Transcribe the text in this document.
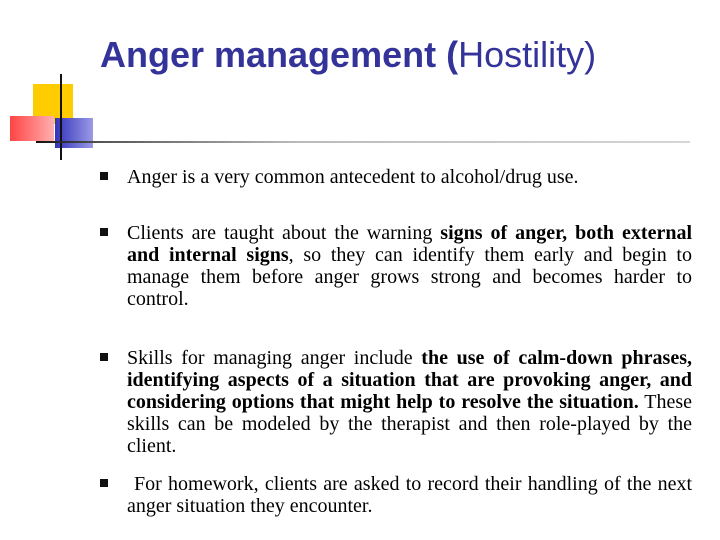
Anger management (Hostility)

Anger is a very common antecedent to alcohol/drug use.

Clients are taught about the warning signs of anger, both external and internal signs, so they can identify them early and begin to manage them before anger grows strong and becomes harder to control.

Skills for managing anger include the use of calm-down phrases, identifying aspects of a situation that are provoking anger, and considering options that might help to resolve the situation. These skills can be modeled by the therapist and then role-played by the client.

For homework, clients are asked to record their handling of the next anger situation they encounter.
